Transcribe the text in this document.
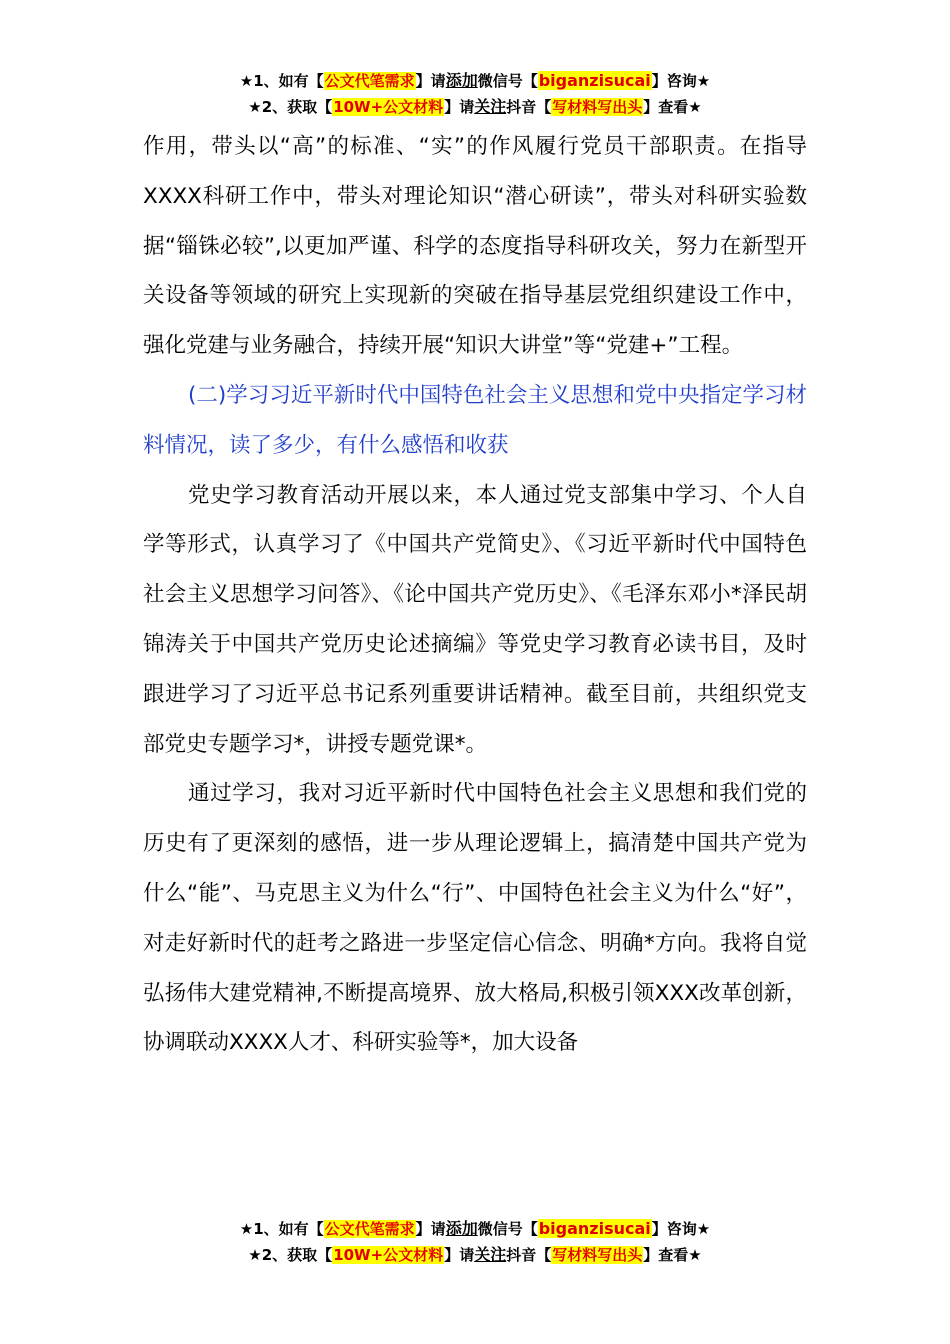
★1、如有【公文代笔需求】请添加微信号【biganzisucai】咨询★
★2、获取【10W+公文材料】请关注抖音【写材料写出头】查看★

作用，带头以“高”的标准、“实”的作风履行党员干部职责。在指导XXXX科研工作中，带头对理论知识“潜心研读”，带头对科研实验数据“锱铢必较”,以更加严谨、科学的态度指导科研攻关，努力在新型开关设备等领域的研究上实现新的突破在指导基层党组织建设工作中，强化党建与业务融合，持续开展“知识大讲堂”等“党建+”工程。

(二)学习习近平新时代中国特色社会主义思想和党中央指定学习材料情况，读了多少，有什么感悟和收获

党史学习教育活动开展以来，本人通过党支部集中学习、个人自学等形式，认真学习了《中国共产党简史》、《习近平新时代中国特色社会主义思想学习问答》、《论中国共产党历史》、《毛泽东邓小*泽民胡锦涛关于中国共产党历史论述摘编》等党史学习教育必读书目，及时跟进学习了习近平总书记系列重要讲话精神。截至目前，共组织党支部党史专题学习*，讲授专题党课*。

通过学习，我对习近平新时代中国特色社会主义思想和我们党的历史有了更深刻的感悟，进一步从理论逻辑上，搞清楚中国共产党为什么“能”、马克思主义为什么“行”、中国特色社会主义为什么“好”，对走好新时代的赶考之路进一步坚定信心信念、明确*方向。我将自觉弘扬伟大建党精神,不断提高境界、放大格局,积极引领XXX改革创新，协调联动XXXX人才、科研实验等*，加大设备

★1、如有【公文代笔需求】请添加微信号【biganzisucai】咨询★
★2、获取【10W+公文材料】请关注抖音【写材料写出头】查看★
